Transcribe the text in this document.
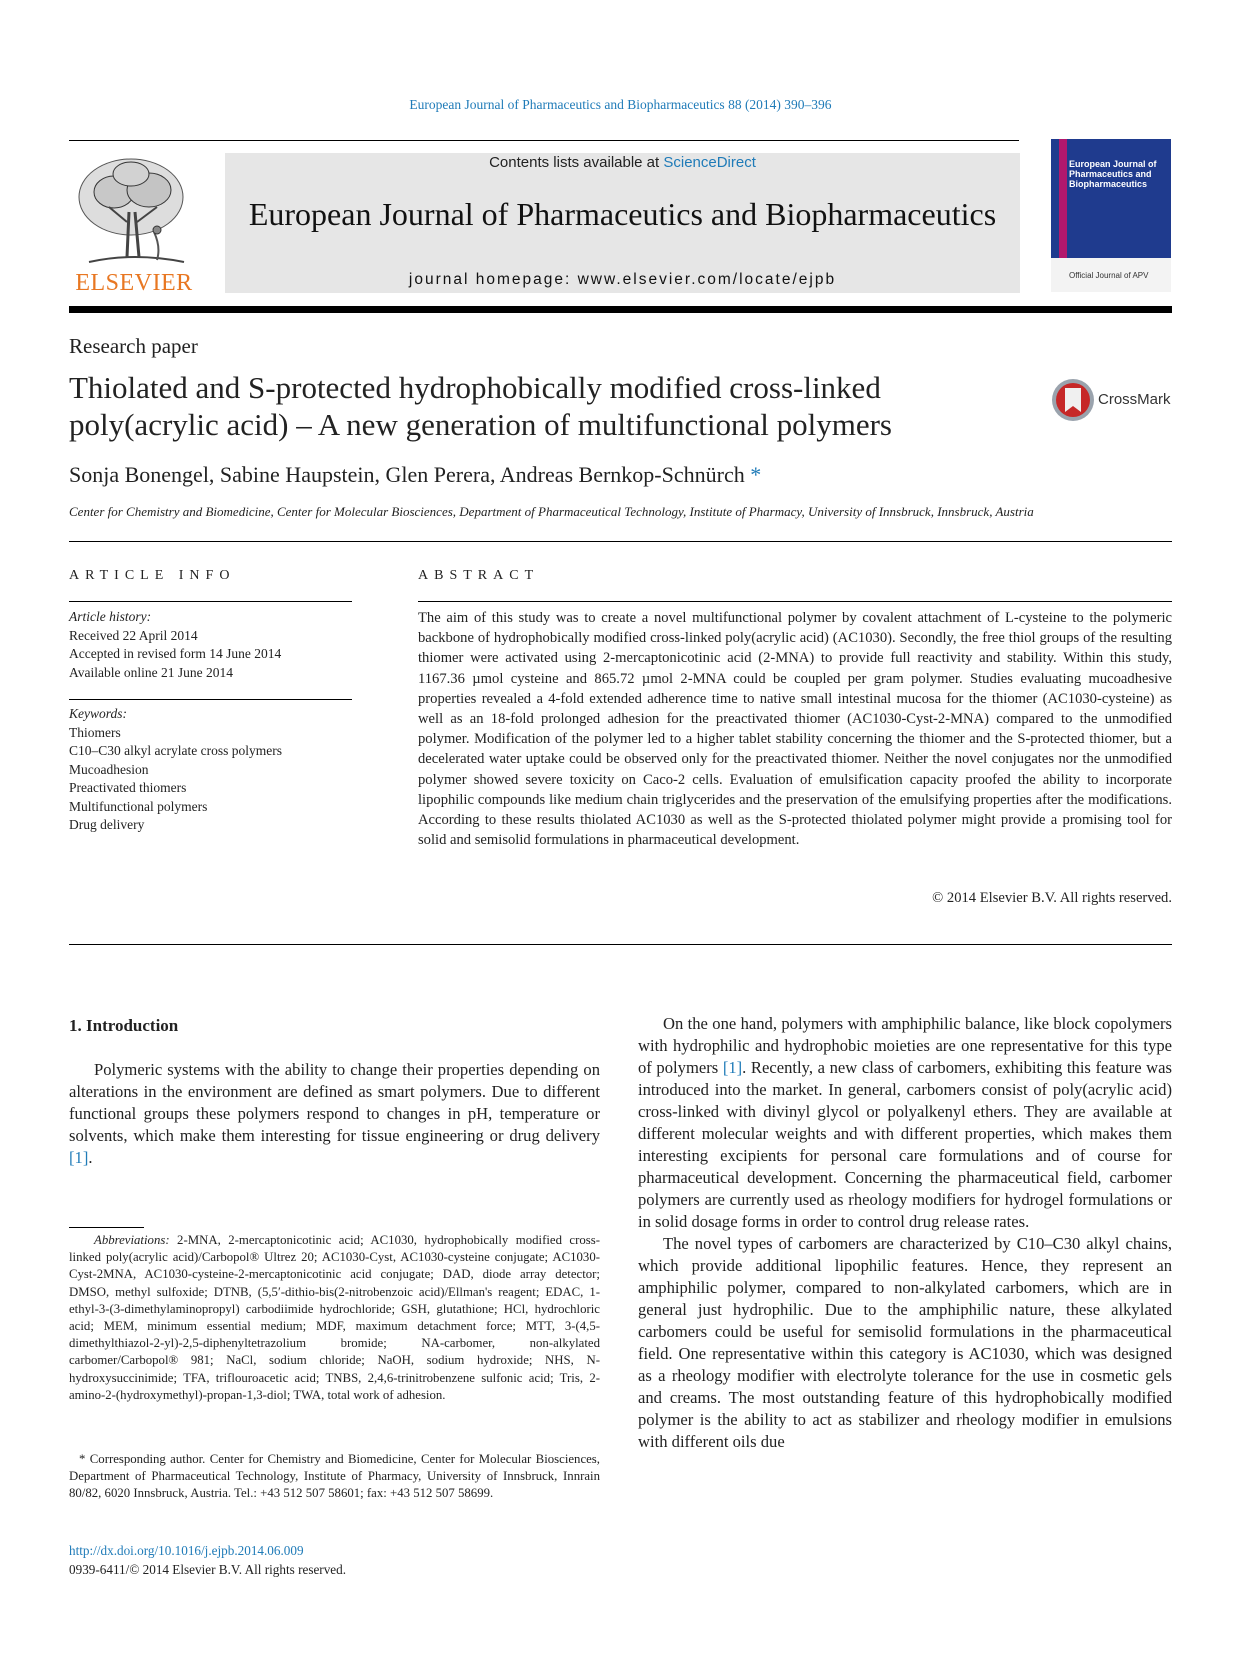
European Journal of Pharmaceutics and Biopharmaceutics 88 (2014) 390–396
ELSEVIER
Contents lists available at ScienceDirect
European Journal of Pharmaceutics and Biopharmaceutics
journal homepage: www.elsevier.com/locate/ejpb
European Journal of Pharmaceutics and Biopharmaceutics
Official Journal of APV
Research paper
Thiolated and S-protected hydrophobically modified cross-linked poly(acrylic acid) – A new generation of multifunctional polymers
CrossMark
Sonja Bonengel, Sabine Haupstein, Glen Perera, Andreas Bernkop-Schnürch *
Center for Chemistry and Biomedicine, Center for Molecular Biosciences, Department of Pharmaceutical Technology, Institute of Pharmacy, University of Innsbruck, Innsbruck, Austria
ARTICLE INFO	ABSTRACT
Article history:
Received 22 April 2014
Accepted in revised form 14 June 2014
Available online 21 June 2014
Keywords:
Thiomers
C10–C30 alkyl acrylate cross polymers
Mucoadhesion
Preactivated thiomers
Multifunctional polymers
Drug delivery
The aim of this study was to create a novel multifunctional polymer by covalent attachment of L-cysteine to the polymeric backbone of hydrophobically modified cross-linked poly(acrylic acid) (AC1030). Secondly, the free thiol groups of the resulting thiomer were activated using 2-mercaptonicotinic acid (2-MNA) to provide full reactivity and stability. Within this study, 1167.36 µmol cysteine and 865.72 µmol 2-MNA could be coupled per gram polymer. Studies evaluating mucoadhesive properties revealed a 4-fold extended adherence time to native small intestinal mucosa for the thiomer (AC1030-cysteine) as well as an 18-fold prolonged adhesion for the preactivated thiomer (AC1030-Cyst-2-MNA) compared to the unmodified polymer. Modification of the polymer led to a higher tablet stability concerning the thiomer and the S-protected thiomer, but a decelerated water uptake could be observed only for the preactivated thiomer. Neither the novel conjugates nor the unmodified polymer showed severe toxicity on Caco-2 cells. Evaluation of emulsification capacity proofed the ability to incorporate lipophilic compounds like medium chain triglycerides and the preservation of the emulsifying properties after the modifications. According to these results thiolated AC1030 as well as the S-protected thiolated polymer might provide a promising tool for solid and semisolid formulations in pharmaceutical development.
© 2014 Elsevier B.V. All rights reserved.
1. Introduction
Polymeric systems with the ability to change their properties depending on alterations in the environment are defined as smart polymers. Due to different functional groups these polymers respond to changes in pH, temperature or solvents, which make them interesting for tissue engineering or drug delivery [1].
Abbreviations: 2-MNA, 2-mercaptonicotinic acid; AC1030, hydrophobically modified cross-linked poly(acrylic acid)/Carbopol® Ultrez 20; AC1030-Cyst, AC1030-cysteine conjugate; AC1030-Cyst-2MNA, AC1030-cysteine-2-mercaptonicotinic acid conjugate; DAD, diode array detector; DMSO, methyl sulfoxide; DTNB, (5,5′-dithio-bis(2-nitrobenzoic acid)/Ellman's reagent; EDAC, 1-ethyl-3-(3-dimethylaminopropyl) carbodiimide hydrochloride; GSH, glutathione; HCl, hydrochloric acid; MEM, minimum essential medium; MDF, maximum detachment force; MTT, 3-(4,5-dimethylthiazol-2-yl)-2,5-diphenyltetrazolium bromide; NA-carbomer, non-alkylated carbomer/Carbopol® 981; NaCl, sodium chloride; NaOH, sodium hydroxide; NHS, N-hydroxysuccinimide; TFA, triflouroacetic acid; TNBS, 2,4,6-trinitrobenzene sulfonic acid; Tris, 2-amino-2-(hydroxymethyl)-propan-1,3-diol; TWA, total work of adhesion.
* Corresponding author. Center for Chemistry and Biomedicine, Center for Molecular Biosciences, Department of Pharmaceutical Technology, Institute of Pharmacy, University of Innsbruck, Innrain 80/82, 6020 Innsbruck, Austria. Tel.: +43 512 507 58601; fax: +43 512 507 58699.
http://dx.doi.org/10.1016/j.ejpb.2014.06.009
0939-6411/© 2014 Elsevier B.V. All rights reserved.

On the one hand, polymers with amphiphilic balance, like block copolymers with hydrophilic and hydrophobic moieties are one representative for this type of polymers [1]. Recently, a new class of carbomers, exhibiting this feature was introduced into the market. In general, carbomers consist of poly(acrylic acid) cross-linked with divinyl glycol or polyalkenyl ethers. They are available at different molecular weights and with different properties, which makes them interesting excipients for personal care formulations and of course for pharmaceutical development. Concerning the pharmaceutical field, carbomer polymers are currently used as rheology modifiers for hydrogel formulations or in solid dosage forms in order to control drug release rates.

The novel types of carbomers are characterized by C10–C30 alkyl chains, which provide additional lipophilic features. Hence, they represent an amphiphilic polymer, compared to non-alkylated carbomers, which are in general just hydrophilic. Due to the amphiphilic nature, these alkylated carbomers could be useful for semisolid formulations in the pharmaceutical field. One representative within this category is AC1030, which was designed as a rheology modifier with electrolyte tolerance for the use in cosmetic gels and creams. The most outstanding feature of this hydrophobically modified polymer is the ability to act as stabilizer and rheology modifier in emulsions with different oils due
